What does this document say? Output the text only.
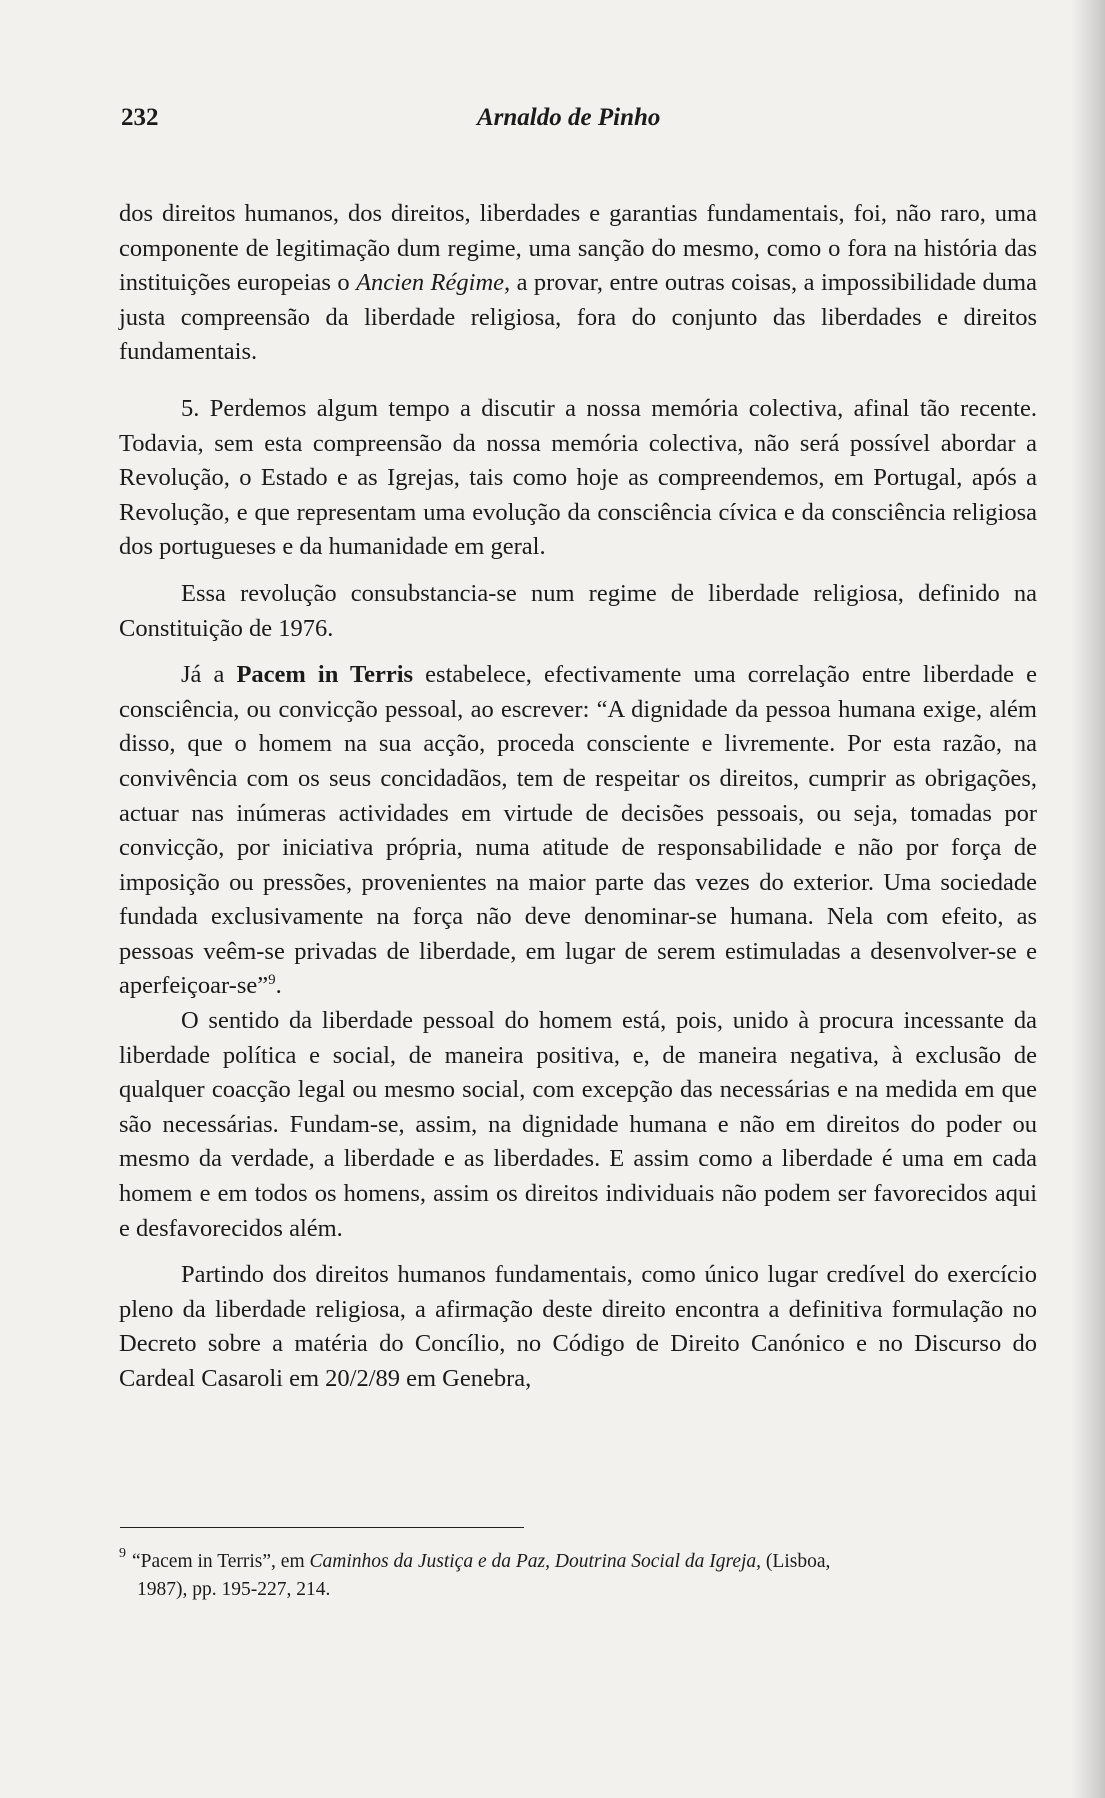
232	Arnaldo de Pinho

dos direitos humanos, dos direitos, liberdades e garantias fundamentais, foi, não raro, uma componente de legitimação dum regime, uma sanção do mesmo, como o fora na história das instituições europeias o Ancien Régime, a provar, entre outras coisas, a impossibilidade duma justa compreensão da liberdade religiosa, fora do conjunto das liberdades e direitos fundamentais.

5. Perdemos algum tempo a discutir a nossa memória colectiva, afinal tão recente. Todavia, sem esta compreensão da nossa memória colectiva, não será possível abordar a Revolução, o Estado e as Igrejas, tais como hoje as compreendemos, em Portugal, após a Revolução, e que representam uma evolução da consciência cívica e da consciência religiosa dos portugueses e da humanidade em geral.

Essa revolução consubstancia-se num regime de liberdade religiosa, definido na Constituição de 1976.

Já a Pacem in Terris estabelece, efectivamente uma correlação entre liberdade e consciência, ou convicção pessoal, ao escrever: “A dignidade da pessoa humana exige, além disso, que o homem na sua acção, proceda consciente e livremente. Por esta razão, na convivência com os seus concidadãos, tem de respeitar os direitos, cumprir as obrigações, actuar nas inúmeras actividades em virtude de decisões pessoais, ou seja, tomadas por convicção, por iniciativa própria, numa atitude de responsabilidade e não por força de imposição ou pressões, provenientes na maior parte das vezes do exterior. Uma sociedade fundada exclusivamente na força não deve denominar-se humana. Nela com efeito, as pessoas veêm-se privadas de liberdade, em lugar de serem estimuladas a desenvolver-se e aperfeiçoar-se”$^9$.

O sentido da liberdade pessoal do homem está, pois, unido à procura incessante da liberdade política e social, de maneira positiva, e, de maneira negativa, à exclusão de qualquer coacção legal ou mesmo social, com excepção das necessárias e na medida em que são necessárias. Fundam-se, assim, na dignidade humana e não em direitos do poder ou mesmo da verdade, a liberdade e as liberdades. E assim como a liberdade é uma em cada homem e em todos os homens, assim os direitos individuais não podem ser favorecidos aqui e desfavorecidos além.

Partindo dos direitos humanos fundamentais, como único lugar credível do exercício pleno da liberdade religiosa, a afirmação deste direito encontra a definitiva formulação no Decreto sobre a matéria do Concílio, no Código de Direito Canónico e no Discurso do Cardeal Casaroli em 20/2/89 em Genebra,

$^9$ “Pacem in Terris”, em Caminhos da Justiça e da Paz, Doutrina Social da Igreja, (Lisboa,

1987), pp. 195-227, 214.
